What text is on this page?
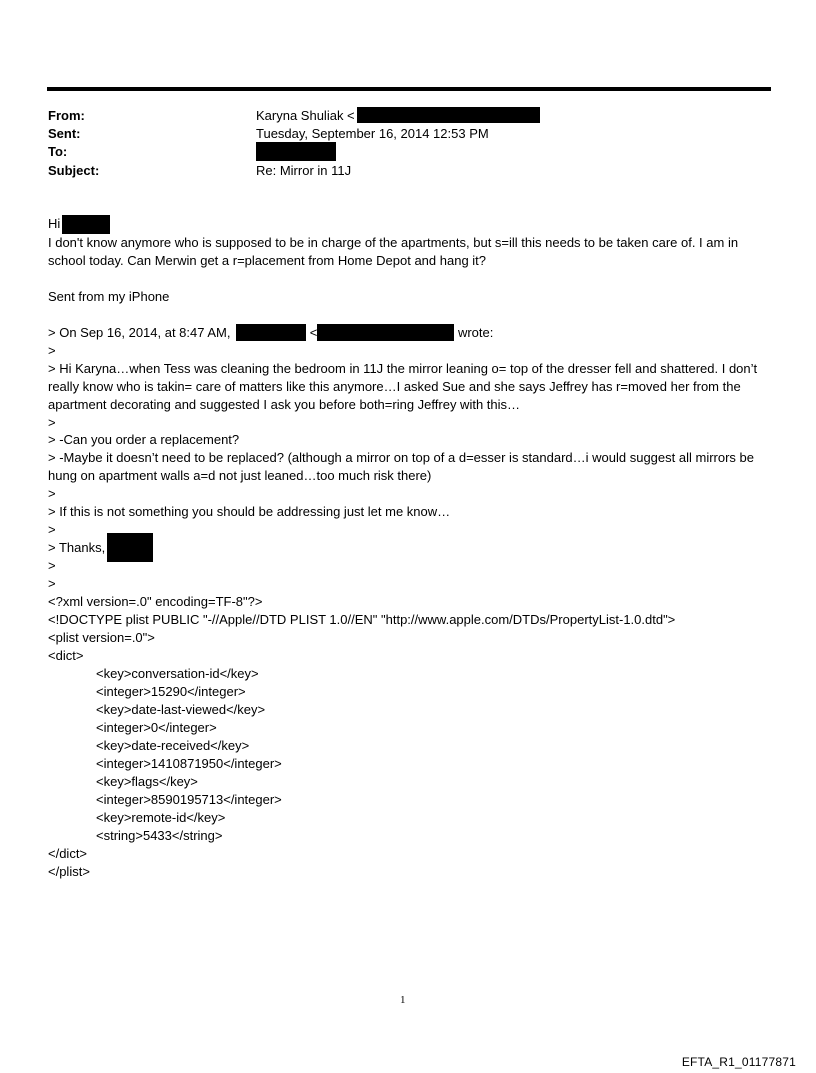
From:	Karyna Shuliak <
Sent:	Tuesday, September 16, 2014 12:53 PM
To:
Subject:	Re: Mirror in 11J
Hi
I don't know anymore who is supposed to be in charge of the apartments, but s=ill this needs to be taken care of. I am in school today. Can Merwin get a r=placement from Home Depot and hang it?
Sent from my iPhone
> On Sep 16, 2014, at 8:47 AM,	<	wrote:
>
> Hi Karyna…when Tess was cleaning the bedroom in 11J the mirror leaning o= top of the dresser fell and shattered. I don’t really know who is takin= care of matters like this anymore…I asked Sue and she says Jeffrey has r=moved her from the apartment decorating and suggested I ask you before both=ring Jeffrey with this…
>
> -Can you order a replacement?
> -Maybe it doesn’t need to be replaced? (although a mirror on top of a d=esser is standard…i would suggest all mirrors be hung on apartment walls a=d not just leaned…too much risk there)
>
> If this is not something you should be addressing just let me know…
>
> Thanks,
>
>
<?xml version=.0" encoding=TF-8"?>
<!DOCTYPE plist PUBLIC "-//Apple//DTD PLIST 1.0//EN" "http://www.apple.com/DTDs/PropertyList-1.0.dtd">
<plist version=.0">
<dict>
<key>conversation-id</key>
<integer>15290</integer>
<key>date-last-viewed</key>
<integer>0</integer>
<key>date-received</key>
<integer>1410871950</integer>
<key>flags</key>
<integer>8590195713</integer>
<key>remote-id</key>
<string>5433</string>
</dict>
</plist>
1
EFTA_R1_01177871
